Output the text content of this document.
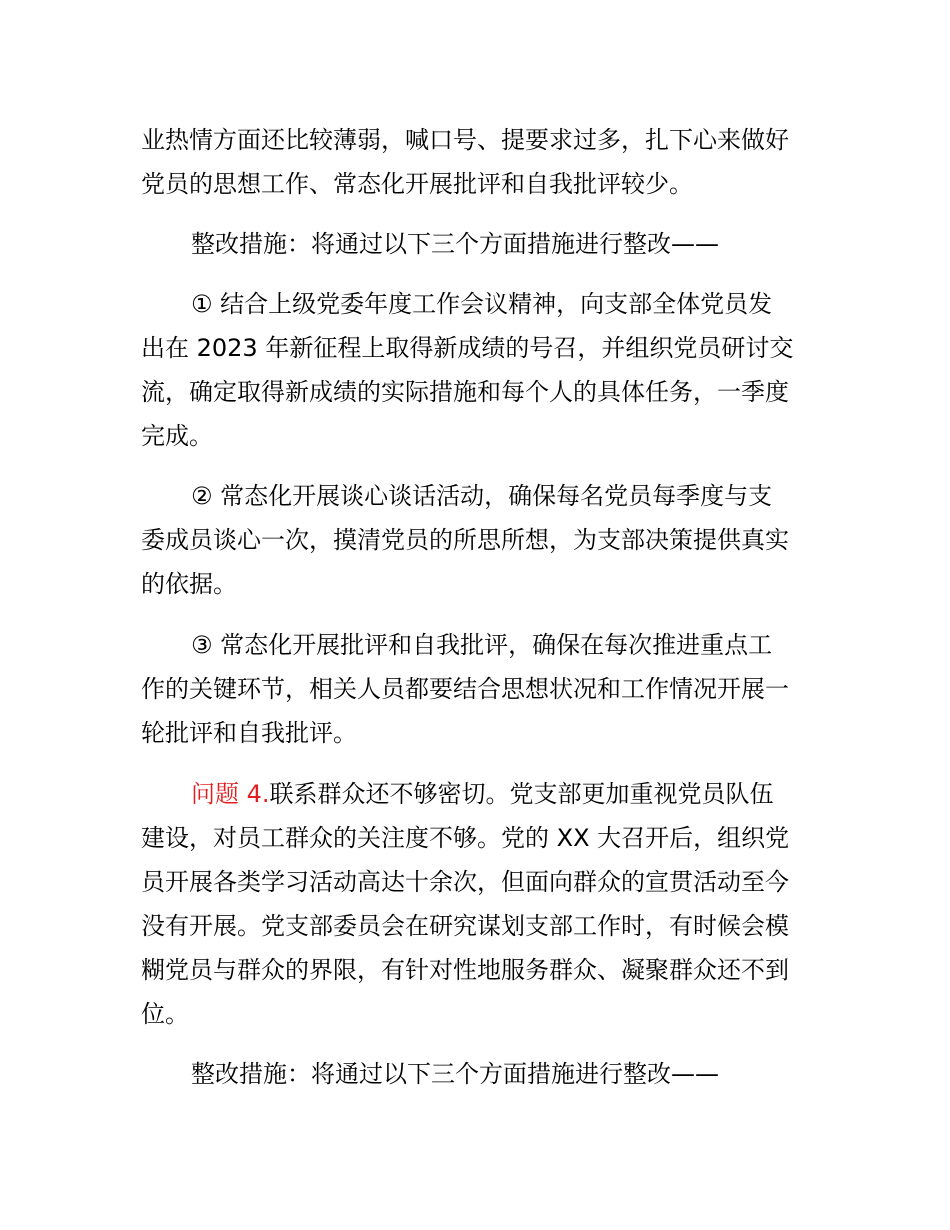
业热情方面还比较薄弱，喊口号、提要求过多，扎下心来做好
党员的思想工作、常态化开展批评和自我批评较少。
整改措施：将通过以下三个方面措施进行整改——
① 结合上级党委年度工作会议精神，向支部全体党员发
出在 2023 年新征程上取得新成绩的号召，并组织党员研讨交
流，确定取得新成绩的实际措施和每个人的具体任务，一季度
完成。
② 常态化开展谈心谈话活动，确保每名党员每季度与支
委成员谈心一次，摸清党员的所思所想，为支部决策提供真实
的依据。
③ 常态化开展批评和自我批评，确保在每次推进重点工
作的关键环节，相关人员都要结合思想状况和工作情况开展一
轮批评和自我批评。
问题 4.联系群众还不够密切。党支部更加重视党员队伍
建设，对员工群众的关注度不够。党的 XX 大召开后，组织党
员开展各类学习活动高达十余次，但面向群众的宣贯活动至今
没有开展。党支部委员会在研究谋划支部工作时，有时候会模
糊党员与群众的界限，有针对性地服务群众、凝聚群众还不到
位。
整改措施：将通过以下三个方面措施进行整改——
